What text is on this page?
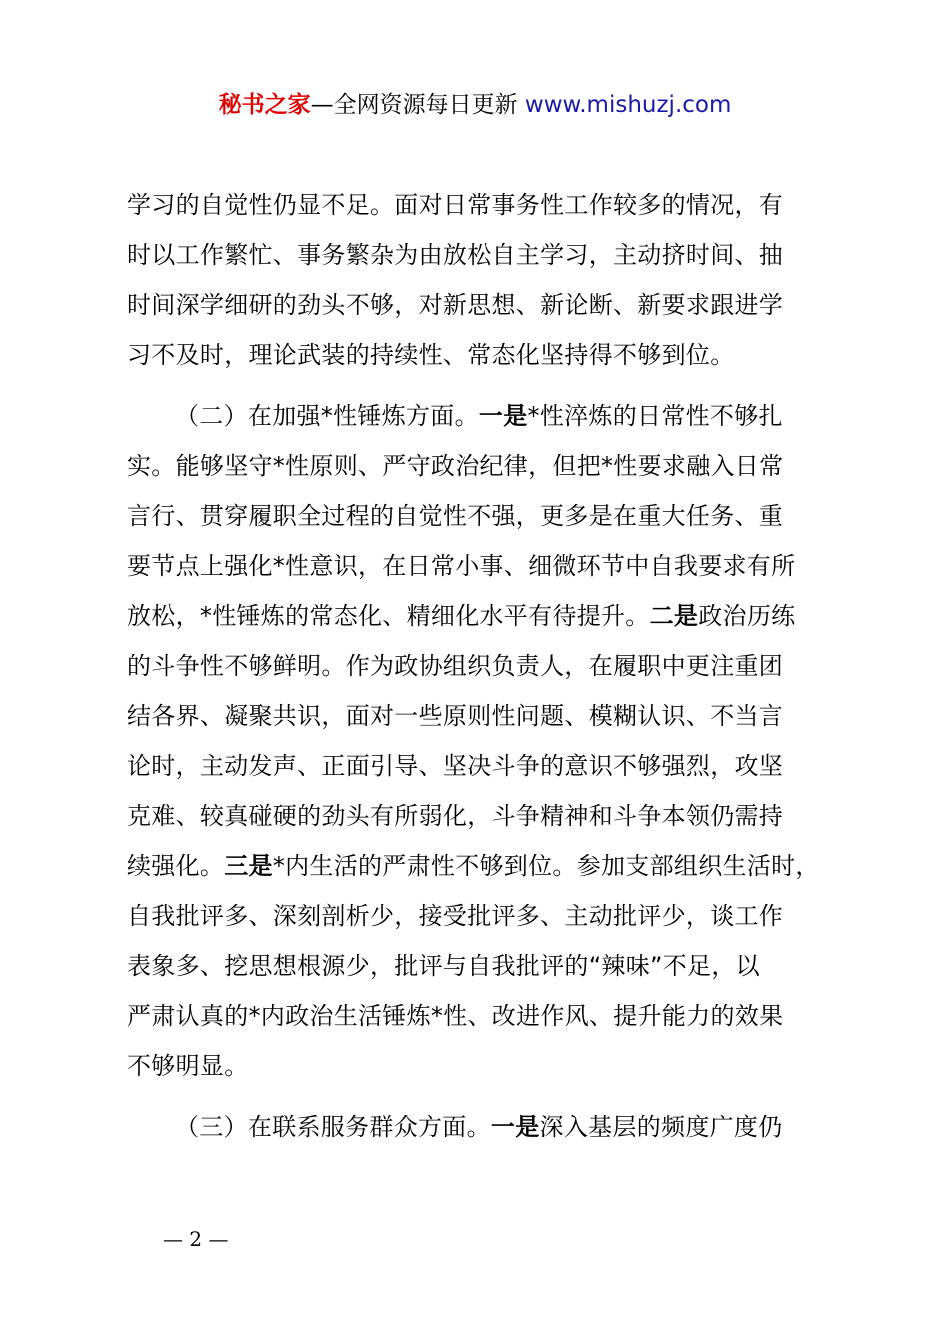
秘书之家—全网资源每日更新 www.mishuzj.com

学习的自觉性仍显不足。面对日常事务性工作较多的情况，有
时以工作繁忙、事务繁杂为由放松自主学习，主动挤时间、抽
时间深学细研的劲头不够，对新思想、新论断、新要求跟进学
习不及时，理论武装的持续性、常态化坚持得不够到位。

（二）在加强*性锤炼方面。一是*性淬炼的日常性不够扎
实。能够坚守*性原则、严守政治纪律，但把*性要求融入日常
言行、贯穿履职全过程的自觉性不强，更多是在重大任务、重
要节点上强化*性意识，在日常小事、细微环节中自我要求有所
放松，*性锤炼的常态化、精细化水平有待提升。二是政治历练
的斗争性不够鲜明。作为政协组织负责人，在履职中更注重团
结各界、凝聚共识，面对一些原则性问题、模糊认识、不当言
论时，主动发声、正面引导、坚决斗争的意识不够强烈，攻坚
克难、较真碰硬的劲头有所弱化，斗争精神和斗争本领仍需持
续强化。三是*内生活的严肃性不够到位。参加支部组织生活时，
自我批评多、深刻剖析少，接受批评多、主动批评少，谈工作
表象多、挖思想根源少，批评与自我批评的“辣味”不足，以
严肃认真的*内政治生活锤炼*性、改进作风、提升能力的效果
不够明显。

（三）在联系服务群众方面。一是深入基层的频度广度仍

— 2 —
